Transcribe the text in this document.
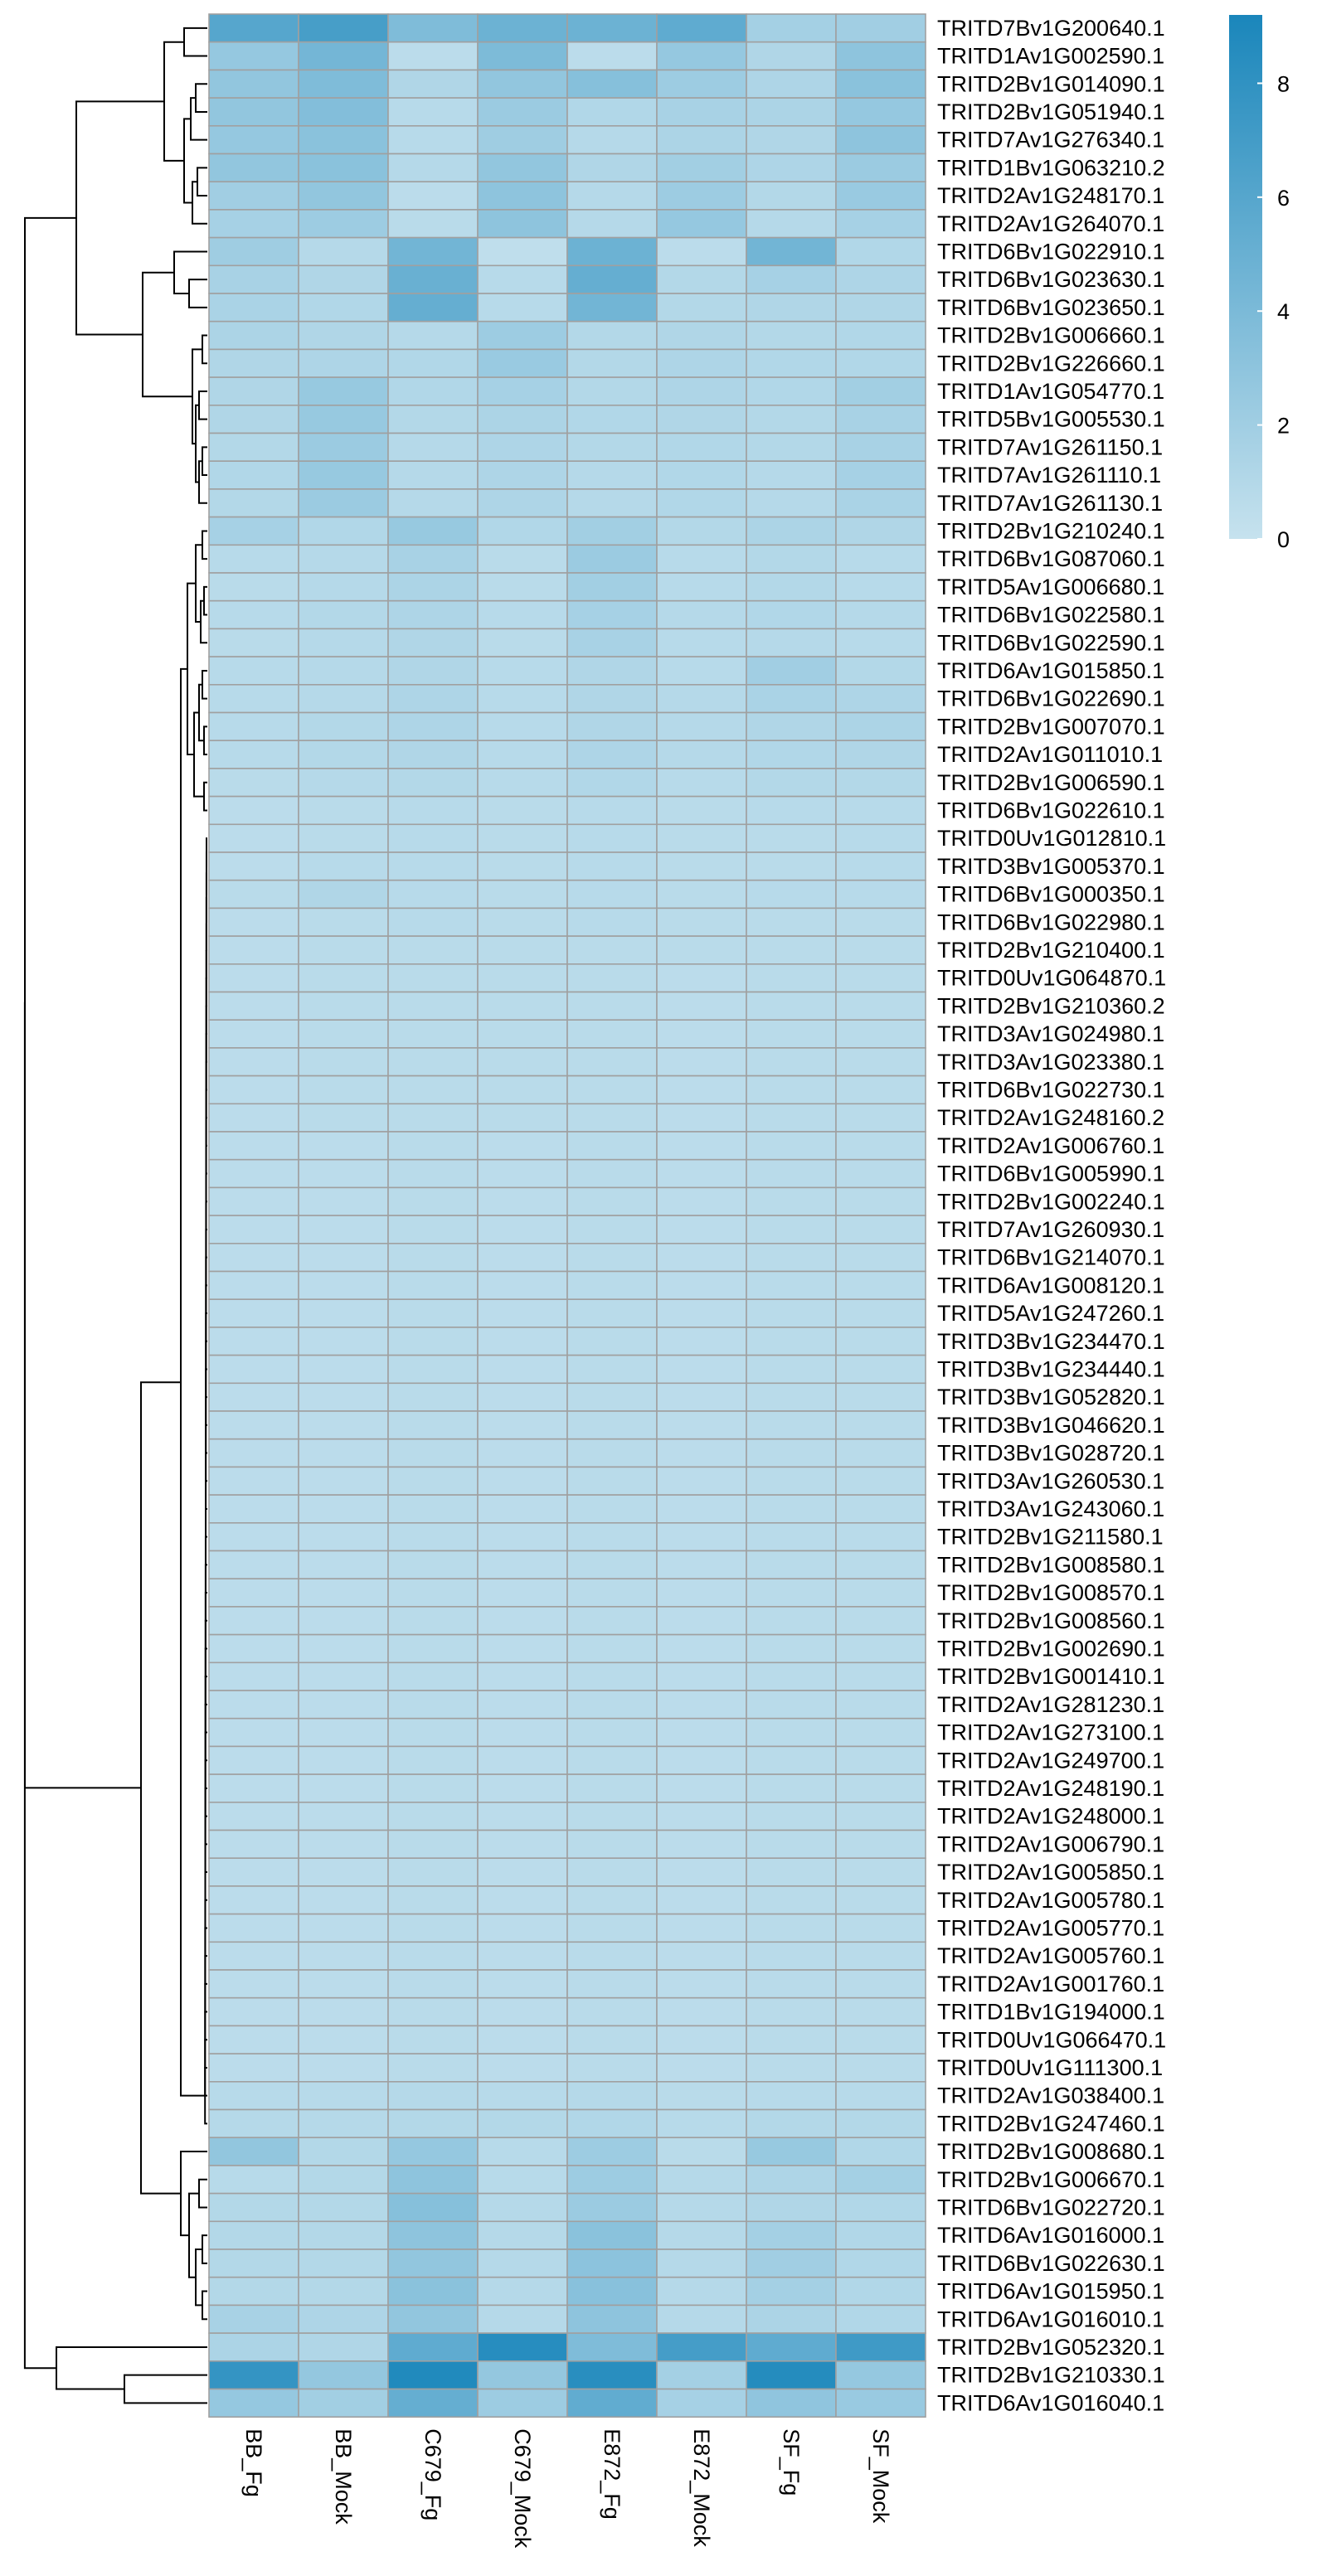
TRITD7Bv1G200640.1
TRITD1Av1G002590.1
TRITD2Bv1G014090.1
TRITD2Bv1G051940.1
TRITD7Av1G276340.1
TRITD1Bv1G063210.2
TRITD2Av1G248170.1
TRITD2Av1G264070.1
TRITD6Bv1G022910.1
TRITD6Bv1G023630.1
TRITD6Bv1G023650.1
TRITD2Bv1G006660.1
TRITD2Bv1G226660.1
TRITD1Av1G054770.1
TRITD5Bv1G005530.1
TRITD7Av1G261150.1
TRITD7Av1G261110.1
TRITD7Av1G261130.1
TRITD2Bv1G210240.1
TRITD6Bv1G087060.1
TRITD5Av1G006680.1
TRITD6Bv1G022580.1
TRITD6Bv1G022590.1
TRITD6Av1G015850.1
TRITD6Bv1G022690.1
TRITD2Bv1G007070.1
TRITD2Av1G011010.1
TRITD2Bv1G006590.1
TRITD6Bv1G022610.1
TRITD0Uv1G012810.1
TRITD3Bv1G005370.1
TRITD6Bv1G000350.1
TRITD6Bv1G022980.1
TRITD2Bv1G210400.1
TRITD0Uv1G064870.1
TRITD2Bv1G210360.2
TRITD3Av1G024980.1
TRITD3Av1G023380.1
TRITD6Bv1G022730.1
TRITD2Av1G248160.2
TRITD2Av1G006760.1
TRITD6Bv1G005990.1
TRITD2Bv1G002240.1
TRITD7Av1G260930.1
TRITD6Bv1G214070.1
TRITD6Av1G008120.1
TRITD5Av1G247260.1
TRITD3Bv1G234470.1
TRITD3Bv1G234440.1
TRITD3Bv1G052820.1
TRITD3Bv1G046620.1
TRITD3Bv1G028720.1
TRITD3Av1G260530.1
TRITD3Av1G243060.1
TRITD2Bv1G211580.1
TRITD2Bv1G008580.1
TRITD2Bv1G008570.1
TRITD2Bv1G008560.1
TRITD2Bv1G002690.1
TRITD2Bv1G001410.1
TRITD2Av1G281230.1
TRITD2Av1G273100.1
TRITD2Av1G249700.1
TRITD2Av1G248190.1
TRITD2Av1G248000.1
TRITD2Av1G006790.1
TRITD2Av1G005850.1
TRITD2Av1G005780.1
TRITD2Av1G005770.1
TRITD2Av1G005760.1
TRITD2Av1G001760.1
TRITD1Bv1G194000.1
TRITD0Uv1G066470.1
TRITD0Uv1G111300.1
TRITD2Av1G038400.1
TRITD2Bv1G247460.1
TRITD2Bv1G008680.1
TRITD2Bv1G006670.1
TRITD6Bv1G022720.1
TRITD6Av1G016000.1
TRITD6Bv1G022630.1
TRITD6Av1G015950.1
TRITD6Av1G016010.1
TRITD2Bv1G052320.1
TRITD2Bv1G210330.1
TRITD6Av1G016040.1
BB_Fg	BB_Mock	C679_Fg	C679_Mock	E872_Fg	E872_Mock	SF_Fg	SF_Mock
0
2
4
6
8
